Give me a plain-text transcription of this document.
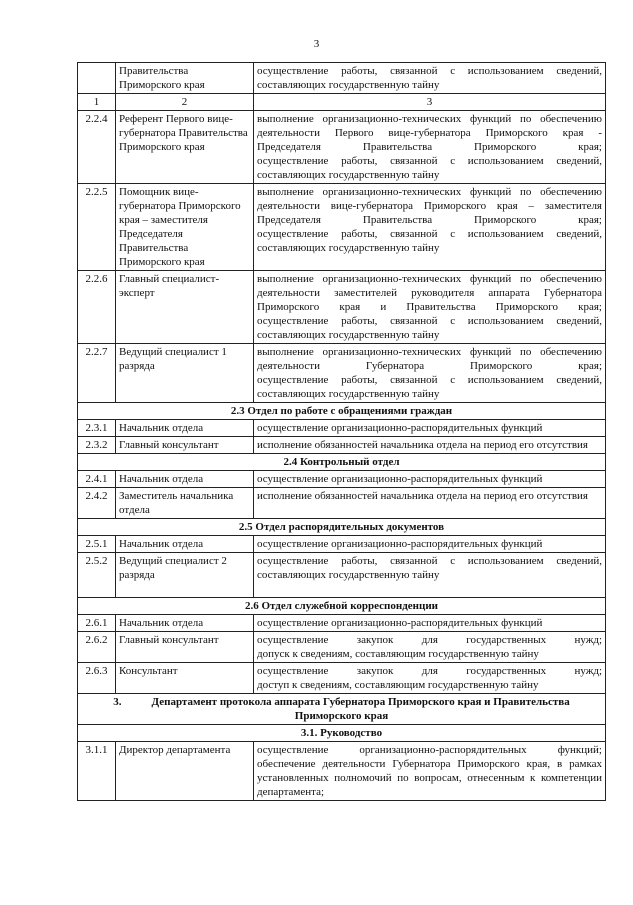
3
	Правительства Приморского края	осуществление работы, связанной с использованием сведений, составляющих государственную тайну

1	2	3
2.2.4	Референт Первого вице-губернатора Правительства Приморского края	выполнение организационно-технических функций по обеспечению деятельности Первого вице-губернатора Приморского края - Председателя Правительства Приморского края;
осуществление работы, связанной с использованием сведений, составляющих государственную тайну

2.2.5	Помощник вице-губернатора Приморского края – заместителя Председателя Правительства Приморского края	выполнение организационно-технических функций по обеспечению деятельности вице-губернатора Приморского края – заместителя Председателя Правительства Приморского края;
осуществление работы, связанной с использованием сведений, составляющих государственную тайну

2.2.6	Главный специалист-эксперт	выполнение организационно-технических функций по обеспечению деятельности заместителей руководителя аппарата Губернатора Приморского края и Правительства Приморского края;
осуществление работы, связанной с использованием сведений, составляющих государственную тайну

2.2.7	Ведущий специалист 1 разряда	выполнение организационно-технических функций по обеспечению деятельности Губернатора Приморского края;
осуществление работы, связанной с использованием сведений, составляющих государственную тайну

2.3 Отдел по работе с обращениями граждан		
2.3.1	Начальник отдела	осуществление организационно-распорядительных функций

2.3.2	Главный консультант	исполнение обязанностей начальника отдела на период его отсутствия

2.4 Контрольный отдел		
2.4.1	Начальник отдела	осуществление организационно-распорядительных функций

2.4.2	Заместитель начальника отдела	исполнение обязанностей начальника отдела на период его отсутствия

2.5 Отдел распорядительных документов		
2.5.1	Начальник отдела	осуществление организационно-распорядительных функций

2.5.2	Ведущий специалист 2 разряда	осуществление работы, связанной с использованием сведений, составляющих государственную тайну

2.6 Отдел служебной корреспонденции		
2.6.1	Начальник отдела	осуществление организационно-распорядительных функций

2.6.2	Главный консультант	осуществление закупок для государственных нужд;
допуск к сведениям, составляющим государственную тайну

2.6.3	Консультант	осуществление закупок для государственных нужд;
доступ к сведениям, составляющим государственную тайну

3. Департамент протокола аппарата Губернатора Приморского края и Правительства Приморского края		
3.1. Руководство		
3.1.1	Директор департамента	осуществление организационно-распорядительных функций;
обеспечение деятельности Губернатора Приморского края, в рамках установленных полномочий по вопросам, отнесенным к компетенции департамента;
